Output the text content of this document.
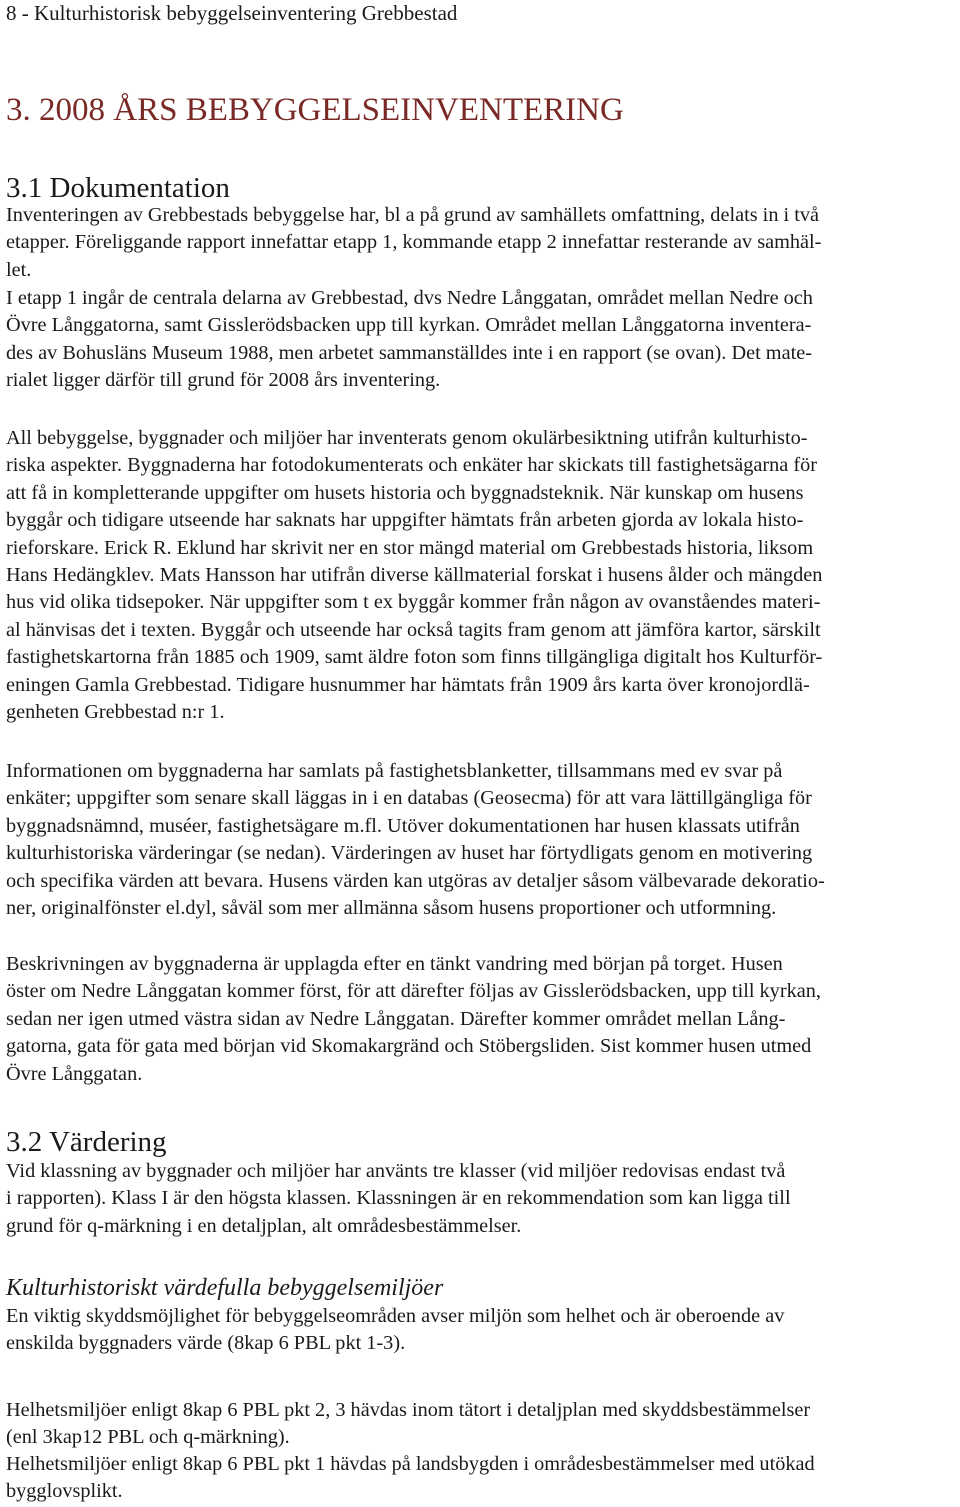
8 - Kulturhistorisk bebyggelseinventering Grebbestad
3. 2008 ÅRS BEBYGGELSEINVENTERING
3.1 Dokumentation
Inventeringen av Grebbestads bebyggelse har, bl a på grund av samhällets omfattning, delats in i två
etapper. Föreliggande rapport innefattar etapp 1, kommande etapp 2 innefattar resterande av samhäl-
let.
I etapp 1 ingår de centrala delarna av Grebbestad, dvs Nedre Långgatan, området mellan Nedre och
Övre Långgatorna, samt Gisslerödsbacken upp till kyrkan. Området mellan Långgatorna inventera-
des av Bohusläns Museum 1988, men arbetet sammanställdes inte i en rapport (se ovan). Det mate-
rialet ligger därför till grund för 2008 års inventering.
All bebyggelse, byggnader och miljöer har inventerats genom okulärbesiktning utifrån kulturhisto-
riska aspekter. Byggnaderna har fotodokumenterats och enkäter har skickats till fastighetsägarna för
att få in kompletterande uppgifter om husets historia och byggnadsteknik. När kunskap om husens
byggår och tidigare utseende har saknats har uppgifter hämtats från arbeten gjorda av lokala histo-
rieforskare. Erick R. Eklund har skrivit ner en stor mängd material om Grebbestads historia, liksom
Hans Hedängklev. Mats Hansson har utifrån diverse källmaterial forskat i husens ålder och mängden
hus vid olika tidsepoker. När uppgifter som t ex byggår kommer från någon av ovanståendes materi-
al hänvisas det i texten. Byggår och utseende har också tagits fram genom att jämföra kartor, särskilt
fastighetskartorna från 1885 och 1909, samt äldre foton som finns tillgängliga digitalt hos Kulturför-
eningen Gamla Grebbestad. Tidigare husnummer har hämtats från 1909 års karta över kronojordlä-
genheten Grebbestad n:r 1.
Informationen om byggnaderna har samlats på fastighetsblanketter, tillsammans med ev svar på
enkäter; uppgifter som senare skall läggas in i en databas (Geosecma) för att vara lättillgängliga för
byggnadsnämnd, muséer, fastighetsägare m.fl. Utöver dokumentationen har husen klassats utifrån
kulturhistoriska värderingar (se nedan). Värderingen av huset har förtydligats genom en motivering
och specifika värden att bevara. Husens värden kan utgöras av detaljer såsom välbevarade dekoratio-
ner, originalfönster el.dyl, såväl som mer allmänna såsom husens proportioner och utformning.
Beskrivningen av byggnaderna är upplagda efter en tänkt vandring med början på torget. Husen
öster om Nedre Långgatan kommer först, för att därefter följas av Gisslerödsbacken, upp till kyrkan,
sedan ner igen utmed västra sidan av Nedre Långgatan. Därefter kommer området mellan Lång-
gatorna, gata för gata med början vid Skomakargränd och Stöbergsliden. Sist kommer husen utmed
Övre Långgatan.
3.2 Värdering
Vid klassning av byggnader och miljöer har använts tre klasser (vid miljöer redovisas endast två
i rapporten). Klass I är den högsta klassen. Klassningen är en rekommendation som kan ligga till
grund för q-märkning i en detaljplan, alt områdesbestämmelser.
Kulturhistoriskt värdefulla bebyggelsemiljöer
En viktig skyddsmöjlighet för bebyggelseområden avser miljön som helhet och är oberoende av
enskilda byggnaders värde (8kap 6 PBL pkt 1-3).
Helhetsmiljöer enligt 8kap 6 PBL pkt 2, 3 hävdas inom tätort i detaljplan med skyddsbestämmelser
(enl 3kap12 PBL och q-märkning).
Helhetsmiljöer enligt 8kap 6 PBL pkt 1 hävdas på landsbygden i områdesbestämmelser med utökad
bygglovsplikt.
